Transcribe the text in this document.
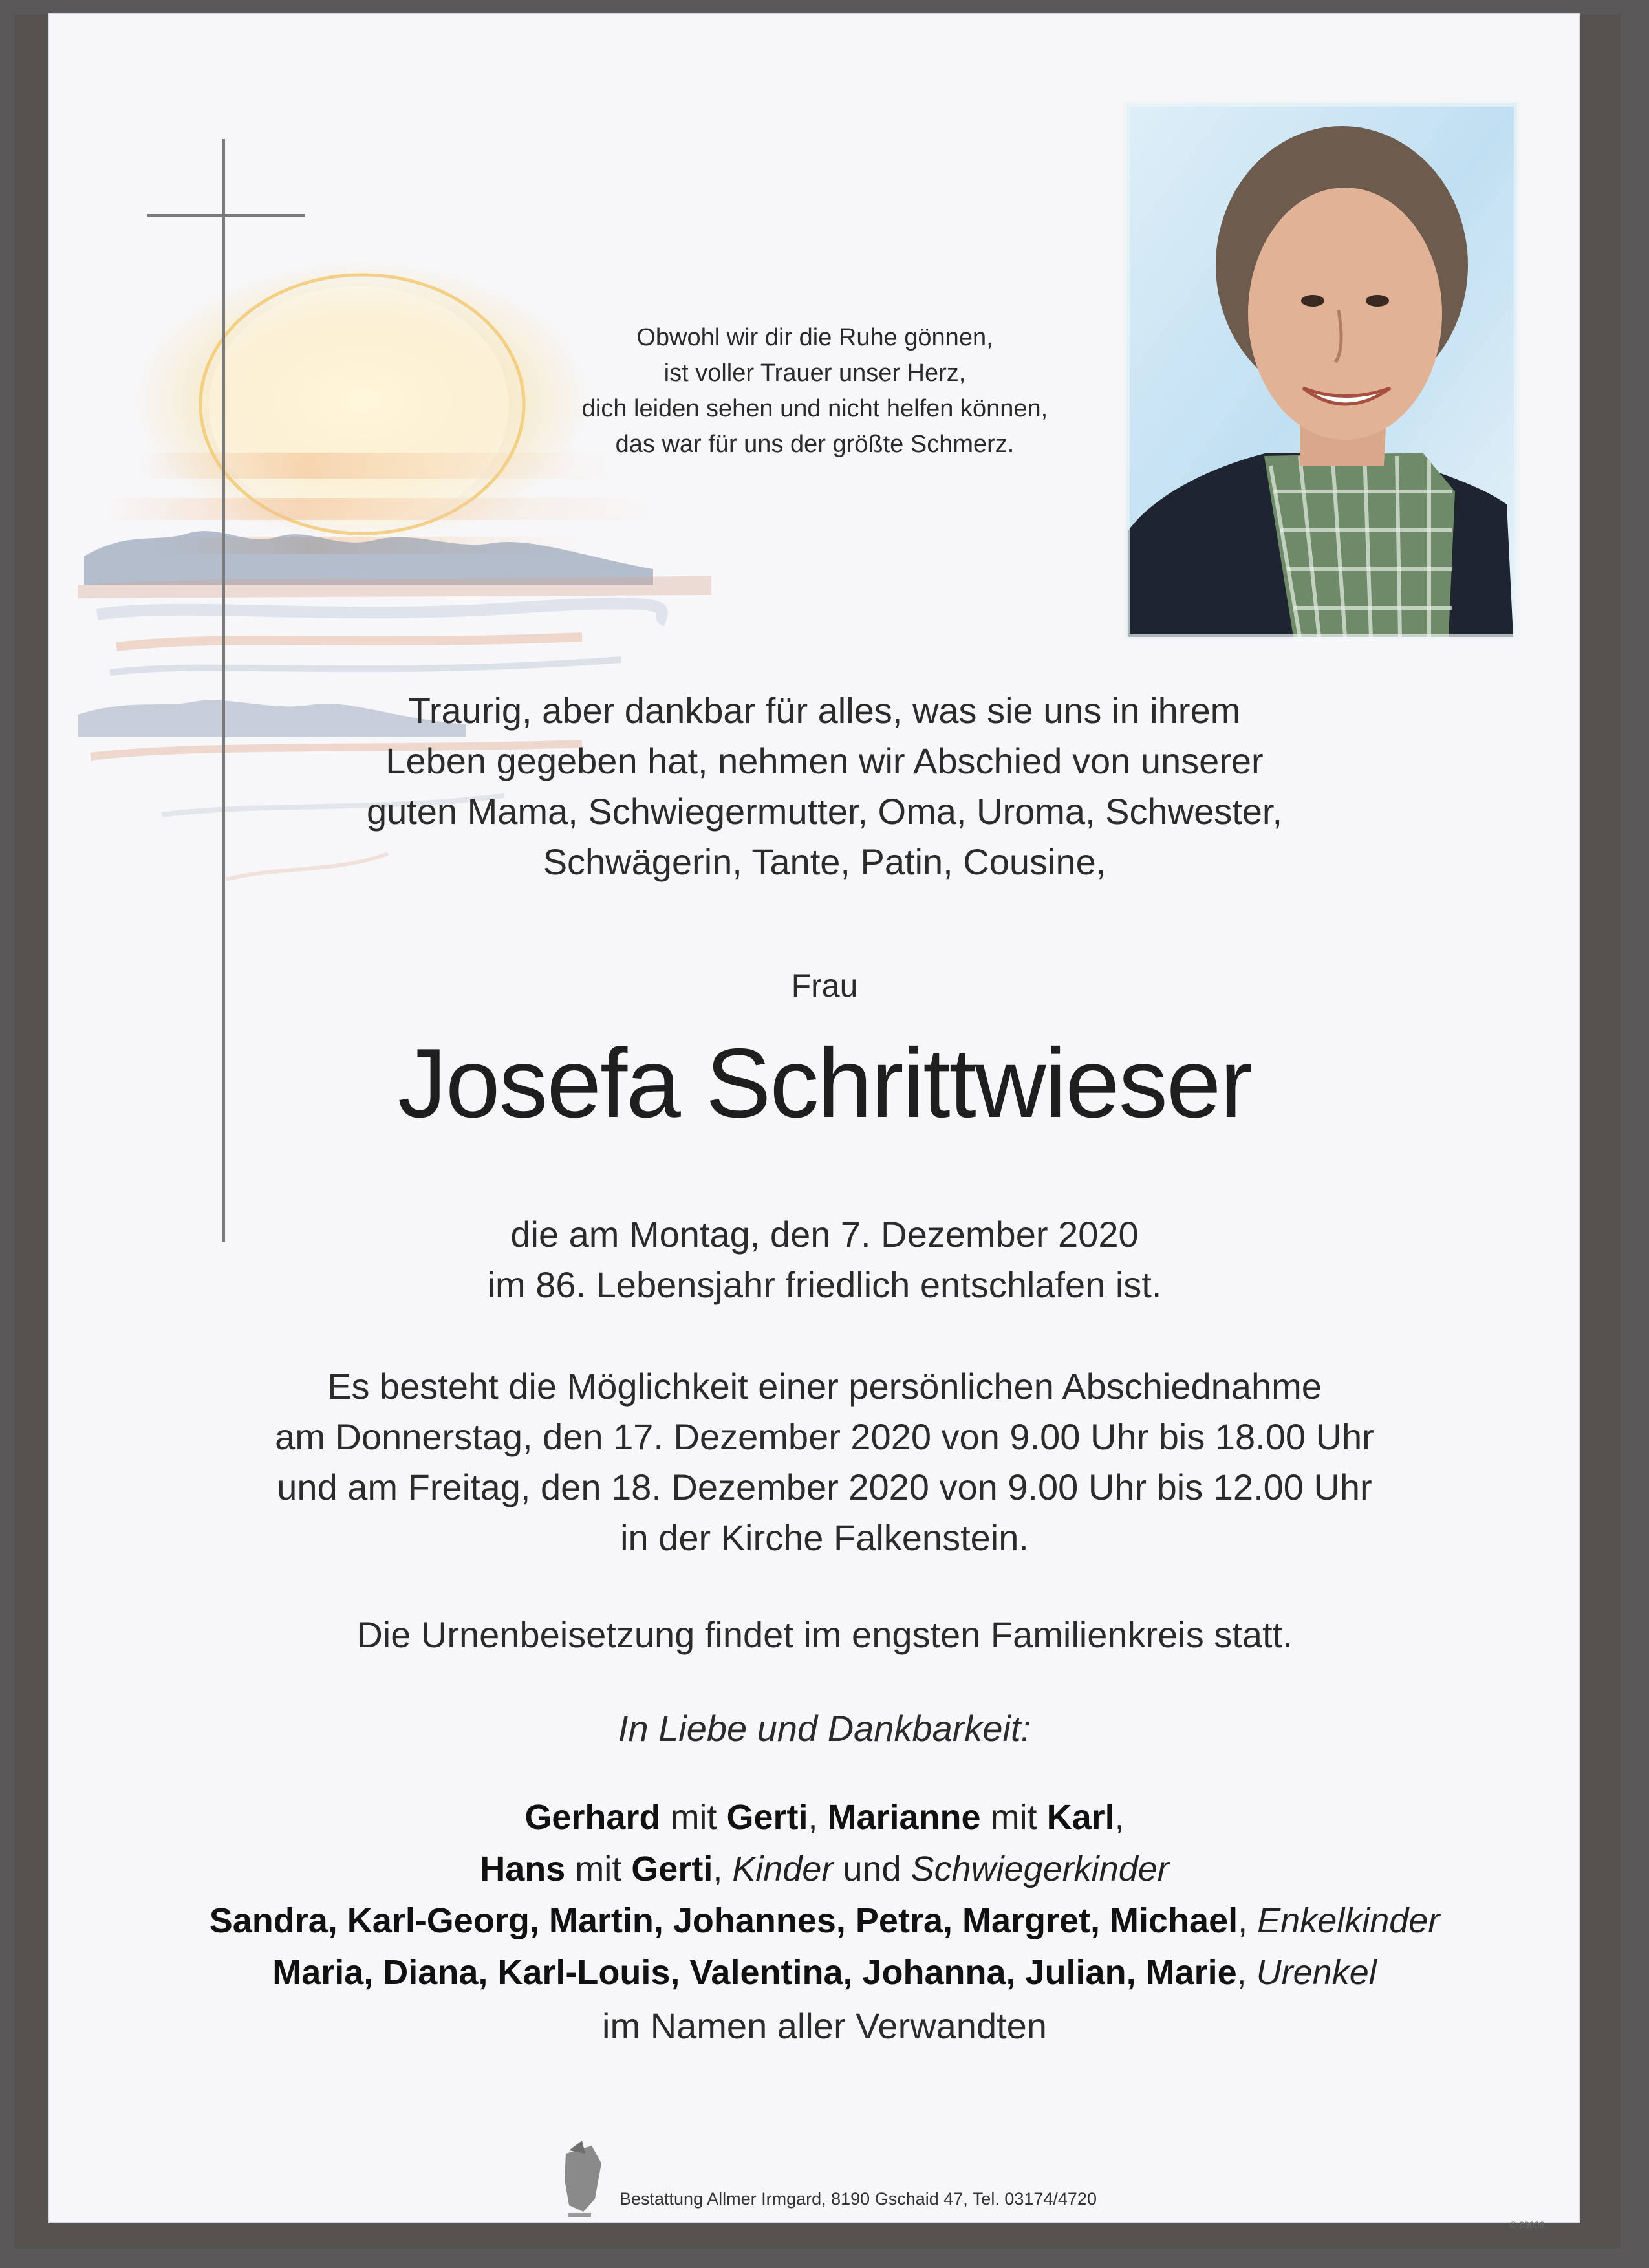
Obwohl wir dir die Ruhe gönnen,
ist voller Trauer unser Herz,
dich leiden sehen und nicht helfen können,
das war für uns der größte Schmerz.
Traurig, aber dankbar für alles, was sie uns in ihrem
Leben gegeben hat, nehmen wir Abschied von unserer
guten Mama, Schwiegermutter, Oma, Uroma, Schwester,
Schwägerin, Tante, Patin, Cousine,
Frau
Josefa Schrittwieser
die am Montag, den 7. Dezember 2020
im 86. Lebensjahr friedlich entschlafen ist.
Es besteht die Möglichkeit einer persönlichen Abschiednahme
am Donnerstag, den 17. Dezember 2020 von 9.00 Uhr bis 18.00 Uhr
und am Freitag, den 18. Dezember 2020 von 9.00 Uhr bis 12.00 Uhr
in der Kirche Falkenstein.
Die Urnenbeisetzung findet im engsten Familienkreis statt.
In Liebe und Dankbarkeit:
Gerhard mit Gerti, Marianne mit Karl,
Hans mit Gerti, Kinder und Schwiegerkinder
Sandra, Karl-Georg, Martin, Johannes, Petra, Margret, Michael, Enkelkinder
Maria, Diana, Karl-Louis, Valentina, Johanna, Julian, Marie, Urenkel
im Namen aller Verwandten
Bestattung Allmer Irmgard, 8190 Gschaid 47, Tel. 03174/4720
© 89006
